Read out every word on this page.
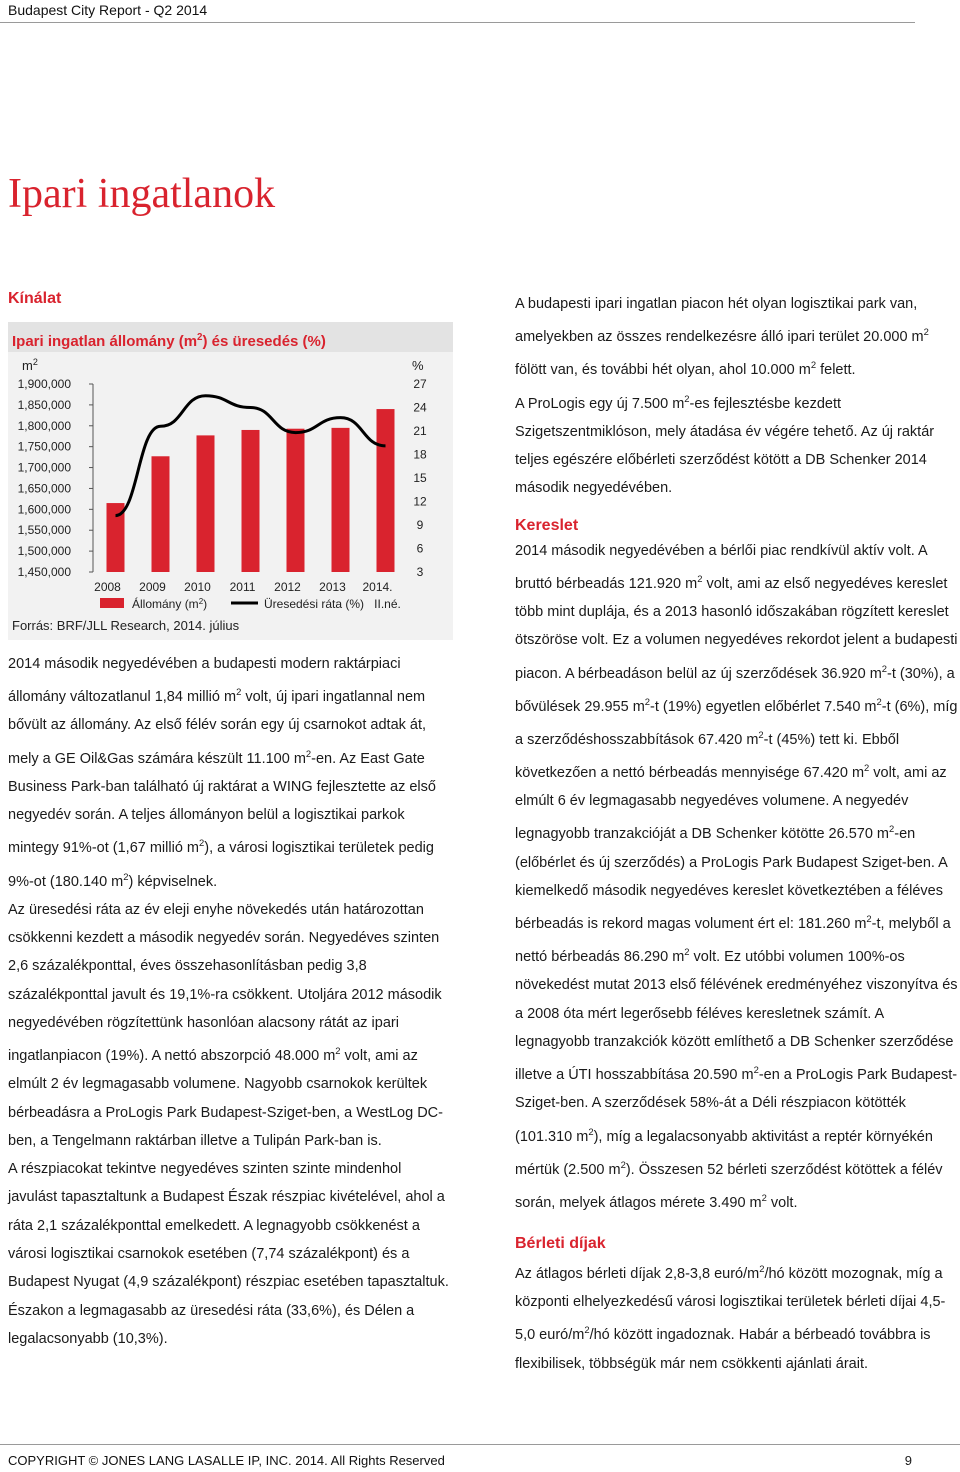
Budapest City Report - Q2 2014
Ipari ingatlanok
Kínálat
Ipari ingatlan állomány $(m^2)$ és üresedés (%)
$m^2$	%
1,900,000
1,850,000
1,800,000
1,750,000
1,700,000
1,650,000
1,600,000
1,550,000
1,500,000
1,450,000
27
24
21
18
15
12
9
6
3
2008 2009 2010 2011 2012 2013 2014.
II.né.
Állomány $(m^2)$	Üresedési ráta (%)
Forrás: BRF/JLL Research, 2014. július

2014 második negyedévében a budapesti modern raktárpiaci állomány változatlanul 1,84 millió $m^2$ volt, új ipari ingatlannal nem bővült az állomány. Az első félév során egy új csarnokot adtak át, mely a GE Oil&Gas számára készült 11.100 $m^2-en$. Az East Gate Business Park-ban található új raktárat a WING fejlesztette az első negyedév során. A teljes állományon belül a logisztikai parkok mintegy 91%-ot (1,67 millió $m^2$), a városi logisztikai területek pedig 9%-ot (180.140 $m^2$) képviselnek.

Az üresedési ráta az év eleji enyhe növekedés után határozottan csökkenni kezdett a második negyedév során. Negyedéves szinten 2,6 százalékponttal, éves összehasonlításban pedig 3,8 százalékponttal javult és 19,1%-ra csökkent. Utoljára 2012 második negyedévében rögzítettünk hasonlóan alacsony rátát az ipari ingatlanpiacon (19%). A nettó abszorpció 48.000 $m^2$ volt, ami az elmúlt 2 év legmagasabb volumene. Nagyobb csarnokok kerültek bérbeadásra a ProLogis Park Budapest-Sziget-ben, a WestLog DC-ben, a Tengelmann raktárban illetve a Tulipán Park-ban is.

A részpiacokat tekintve negyedéves szinten szinte mindenhol javulást tapasztaltunk a Budapest Észak részpiac kivételével, ahol a ráta 2,1 százalékponttal emelkedett. A legnagyobb csökkenést a városi logisztikai csarnokok esetében (7,74 százalékpont) és a Budapest Nyugat (4,9 százalékpont) részpiac esetében tapasztaltuk. Északon a legmagasabb az üresedési ráta (33,6%), és Délen a legalacsonyabb (10,3%).

A budapesti ipari ingatlan piacon hét olyan logisztikai park van, amelyekben az összes rendelkezésre álló ipari terület 20.000 $m^2$ fölött van, és további hét olyan, ahol 10.000 $m^2$ felett.

A ProLogis egy új 7.500 $m^2-es$ fejlesztésbe kezdett Szigetszentmiklóson, mely átadása év végére tehető. Az új raktár teljes egészére előbérleti szerződést kötött a DB Schenker 2014 második negyedévében.

Kereslet

2014 második negyedévében a bérlői piac rendkívül aktív volt. A bruttó bérbeadás 121.920 $m^2$ volt, ami az első negyedéves kereslet több mint duplája, és a 2013 hasonló időszakában rögzített kereslet ötszöröse volt. Ez a volumen negyedéves rekordot jelent a budapesti piacon. A bérbeadáson belül az új szerződések 36.920 $m^2-t$ (30%), a bővülések 29.955 $m^2-t$ (19%) egyetlen előbérlet 7.540 $m^2-t$ (6%), míg a szerződéshosszabbítások 67.420 $m^2-t$ (45%) tett ki. Ebből következően a nettó bérbeadás mennyisége 67.420 $m^2$ volt, ami az elmúlt 6 év legmagasabb negyedéves volumene. A negyedév legnagyobb tranzakcióját a DB Schenker kötötte 26.570 $m^2-en$ (előbérlet és új szerződés) a ProLogis Park Budapest Sziget-ben. A kiemelkedő második negyedéves kereslet következtében a féléves bérbeadás is rekord magas volument ért el: 181.260 $m^2-t$, melyből a nettó bérbeadás 86.290 $m^2$ volt. Ez utóbbi volumen 100%-os növekedést mutat 2013 első félévének eredményéhez viszonyítva és a 2008 óta mért legerősebb féléves keresletnek számít. A legnagyobb tranzakciók között említhető a DB Schenker szerződése illetve a ÚTI hosszabbítása 20.590 $m^2-en$ a ProLogis Park Budapest-Sziget-ben. A szerződések 58%-át a Déli részpiacon kötötték (101.310 $m^2$), míg a legalacsonyabb aktivitást a reptér környékén mértük (2.500 $m^2$). Összesen 52 bérleti szerződést kötöttek a félév során, melyek átlagos mérete 3.490 $m^2$ volt.

Bérleti díjak

Az átlagos bérleti díjak 2,8-3,8 euró/$m^2/hó$ között mozognak, míg a központi elhelyezkedésű városi logisztikai területek bérleti díjai 4,5-5,0 euró/$m^2/hó$ között ingadoznak. Habár a bérbeadó továbbra is flexibilisek, többségük már nem csökkenti ajánlati árait.

COPYRIGHT © JONES LANG LASALLE IP, INC. 2014. All Rights Reserved	9
